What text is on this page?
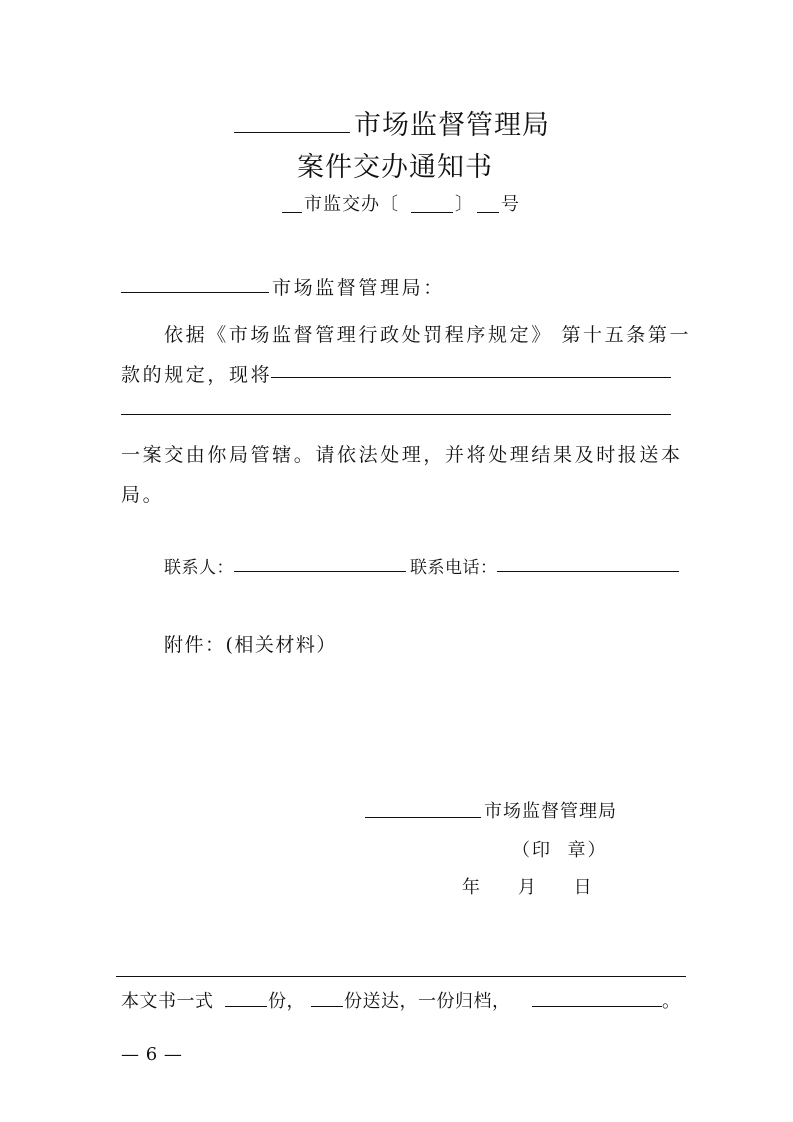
市场监督管理局
案件交办通知书
市监交办〔	〕 号
市场监督管理局：
依据《市场监督管理行政处罚程序规定》 第十五条第一
款的规定，现将
一案交由你局管辖。请依法处理，并将处理结果及时报送本
局。
联系人：	联系电话：
附件：(相关材料）
市场监督管理局
（印  章）
年      月      日
本文书一式	份， 份送达，一份归档，	。
— 6 —
